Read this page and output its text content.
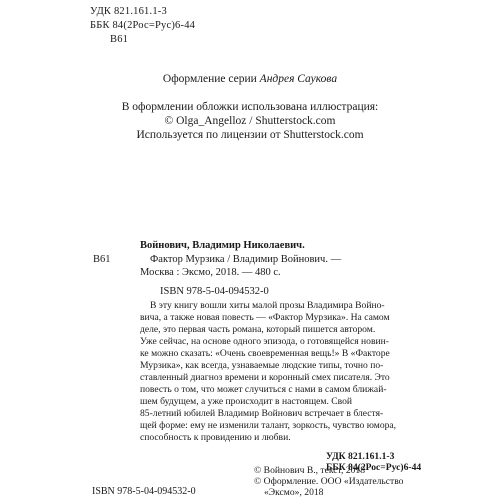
УДК 821.161.1-3
ББК 84(2Рос=Рус)6-44
В61
Оформление серии Андрея Саукова
В оформлении обложки использована иллюстрация:
© Olga_Angelloz / Shutterstock.com
Используется по лицензии от Shutterstock.com
Войнович, Владимир Николаевич.
В61	Фактор Мурзика / Владимир Войнович. —
Москва : Эксмо, 2018. — 480 с.
ISBN 978-5-04-094532-0
В эту книгу вошли хиты малой прозы Владимира Войно-
вича, а также новая повесть — «Фактор Мурзика». На самом
деле, это первая часть романа, который пишется автором.
Уже сейчас, на основе одного эпизода, о готовящейся новин-
ке можно сказать: «Очень своевременная вещь!» В «Факторе
Мурзика», как всегда, узнаваемые людские типы, точно по-
ставленный диагноз времени и коронный смех писателя. Это
повесть о том, что может случиться с нами в самом ближай-
шем будущем, а уже происходит в настоящем. Свой
85-летний юбилей Владимир Войнович встречает в блестя-
щей форме: ему не изменили талант, зоркость, чувство юмора,
способность к провидению и любви.
УДК 821.161.1-3
ББК 84(2Рос=Рус)6-44
ISBN 978-5-04-094532-0
© Войнович В., текст, 2018
© Оформление. ООО «Издательство
«Эксмо», 2018
